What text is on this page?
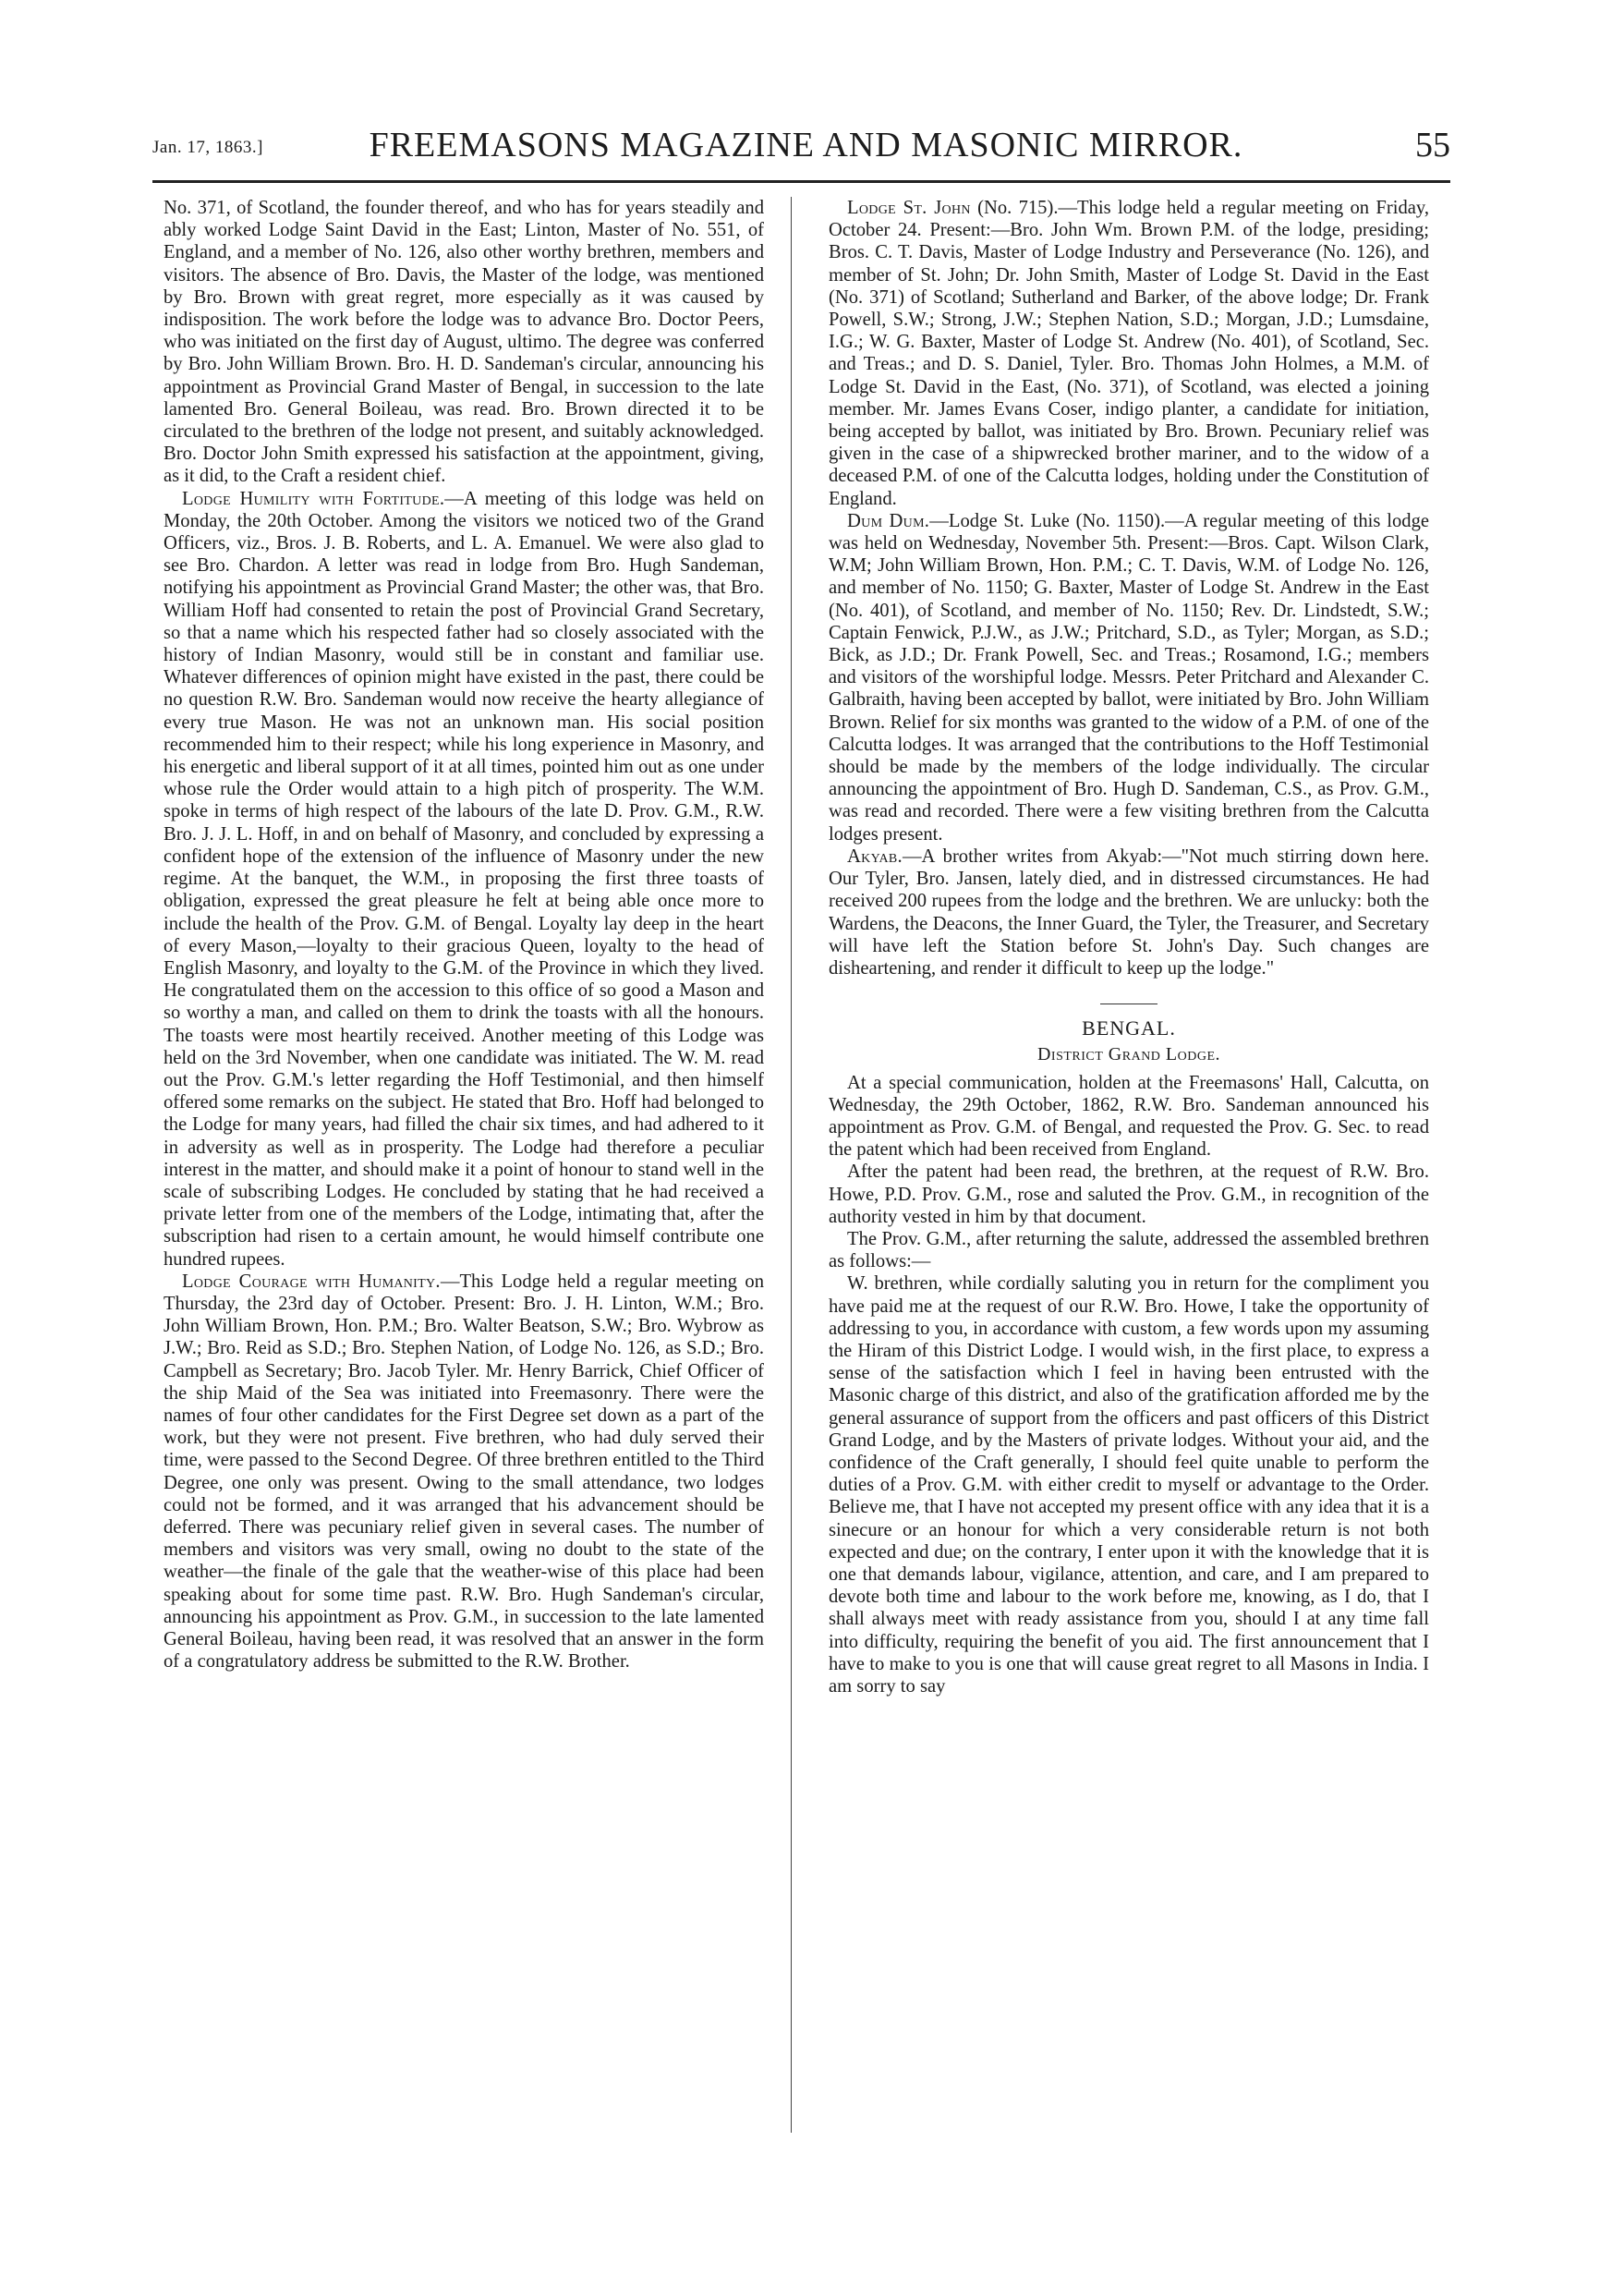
Jan. 17, 1863.]	FREEMASONS MAGAZINE AND MASONIC MIRROR.	55

No. 371, of Scotland, the founder thereof, and who has for years steadily and ably worked Lodge Saint David in the East; Linton, Master of No. 551, of England, and a member of No. 126, also other worthy brethren, members and visitors. The absence of Bro. Davis, the Master of the lodge, was mentioned by Bro. Brown with great regret, more especially as it was caused by indisposition. The work before the lodge was to advance Bro. Doctor Peers, who was initiated on the first day of August, ultimo. The degree was conferred by Bro. John William Brown. Bro. H. D. Sandeman's circular, announcing his appointment as Provincial Grand Master of Bengal, in succession to the late lamented Bro. General Boileau, was read. Bro. Brown directed it to be circulated to the brethren of the lodge not present, and suitably acknowledged. Bro. Doctor John Smith expressed his satisfaction at the appointment, giving, as it did, to the Craft a resident chief.

Lodge Humility with Fortitude.—A meeting of this lodge was held on Monday, the 20th October. Among the visitors we noticed two of the Grand Officers, viz., Bros. J. B. Roberts, and L. A. Emanuel. We were also glad to see Bro. Chardon. A letter was read in lodge from Bro. Hugh Sandeman, notifying his appointment as Provincial Grand Master; the other was, that Bro. William Hoff had consented to retain the post of Provincial Grand Secretary, so that a name which his respected father had so closely associated with the history of Indian Masonry, would still be in constant and familiar use. Whatever differences of opinion might have existed in the past, there could be no question R.W. Bro. Sandeman would now receive the hearty allegiance of every true Mason. He was not an unknown man. His social position recommended him to their respect; while his long experience in Masonry, and his energetic and liberal support of it at all times, pointed him out as one under whose rule the Order would attain to a high pitch of prosperity. The W.M. spoke in terms of high respect of the labours of the late D. Prov. G.M., R.W. Bro. J. J. L. Hoff, in and on behalf of Masonry, and concluded by expressing a confident hope of the extension of the influence of Masonry under the new regime. At the banquet, the W.M., in proposing the first three toasts of obligation, expressed the great pleasure he felt at being able once more to include the health of the Prov. G.M. of Bengal. Loyalty lay deep in the heart of every Mason,—loyalty to their gracious Queen, loyalty to the head of English Masonry, and loyalty to the G.M. of the Province in which they lived. He congratulated them on the accession to this office of so good a Mason and so worthy a man, and called on them to drink the toasts with all the honours. The toasts were most heartily received. Another meeting of this Lodge was held on the 3rd November, when one candidate was initiated. The W. M. read out the Prov. G.M.'s letter regarding the Hoff Testimonial, and then himself offered some remarks on the subject. He stated that Bro. Hoff had belonged to the Lodge for many years, had filled the chair six times, and had adhered to it in adversity as well as in prosperity. The Lodge had therefore a peculiar interest in the matter, and should make it a point of honour to stand well in the scale of subscribing Lodges. He concluded by stating that he had received a private letter from one of the members of the Lodge, intimating that, after the subscription had risen to a certain amount, he would himself contribute one hundred rupees.

Lodge Courage with Humanity.—This Lodge held a regular meeting on Thursday, the 23rd day of October. Present: Bro. J. H. Linton, W.M.; Bro. John William Brown, Hon. P.M.; Bro. Walter Beatson, S.W.; Bro. Wybrow as J.W.; Bro. Reid as S.D.; Bro. Stephen Nation, of Lodge No. 126, as S.D.; Bro. Campbell as Secretary; Bro. Jacob Tyler. Mr. Henry Barrick, Chief Officer of the ship Maid of the Sea was initiated into Freemasonry. There were the names of four other candidates for the First Degree set down as a part of the work, but they were not present. Five brethren, who had duly served their time, were passed to the Second Degree. Of three brethren entitled to the Third Degree, one only was present. Owing to the small attendance, two lodges could not be formed, and it was arranged that his advancement should be deferred. There was pecuniary relief given in several cases. The number of members and visitors was very small, owing no doubt to the state of the weather—the finale of the gale that the weather-wise of this place had been speaking about for some time past. R.W. Bro. Hugh Sandeman's circular, announcing his appointment as Prov. G.M., in succession to the late lamented General Boileau, having been read, it was resolved that an answer in the form of a congratulatory address be submitted to the R.W. Brother.

Lodge St. John (No. 715).—This lodge held a regular meeting on Friday, October 24. Present:—Bro. John Wm. Brown P.M. of the lodge, presiding; Bros. C. T. Davis, Master of Lodge Industry and Perseverance (No. 126), and member of St. John; Dr. John Smith, Master of Lodge St. David in the East (No. 371) of Scotland; Sutherland and Barker, of the above lodge; Dr. Frank Powell, S.W.; Strong, J.W.; Stephen Nation, S.D.; Morgan, J.D.; Lumsdaine, I.G.; W. G. Baxter, Master of Lodge St. Andrew (No. 401), of Scotland, Sec. and Treas.; and D. S. Daniel, Tyler. Bro. Thomas John Holmes, a M.M. of Lodge St. David in the East, (No. 371), of Scotland, was elected a joining member. Mr. James Evans Coser, indigo planter, a candidate for initiation, being accepted by ballot, was initiated by Bro. Brown. Pecuniary relief was given in the case of a shipwrecked brother mariner, and to the widow of a deceased P.M. of one of the Calcutta lodges, holding under the Constitution of England.

Dum Dum.—Lodge St. Luke (No. 1150).—A regular meeting of this lodge was held on Wednesday, November 5th. Present:—Bros. Capt. Wilson Clark, W.M; John William Brown, Hon. P.M.; C. T. Davis, W.M. of Lodge No. 126, and member of No. 1150; G. Baxter, Master of Lodge St. Andrew in the East (No. 401), of Scotland, and member of No. 1150; Rev. Dr. Lindstedt, S.W.; Captain Fenwick, P.J.W., as J.W.; Pritchard, S.D., as Tyler; Morgan, as S.D.; Bick, as J.D.; Dr. Frank Powell, Sec. and Treas.; Rosamond, I.G.; members and visitors of the worshipful lodge. Messrs. Peter Pritchard and Alexander C. Galbraith, having been accepted by ballot, were initiated by Bro. John William Brown. Relief for six months was granted to the widow of a P.M. of one of the Calcutta lodges. It was arranged that the contributions to the Hoff Testimonial should be made by the members of the lodge individually. The circular announcing the appointment of Bro. Hugh D. Sandeman, C.S., as Prov. G.M., was read and recorded. There were a few visiting brethren from the Calcutta lodges present.

Akyab.—A brother writes from Akyab:—"Not much stirring down here. Our Tyler, Bro. Jansen, lately died, and in distressed circumstances. He had received 200 rupees from the lodge and the brethren. We are unlucky: both the Wardens, the Deacons, the Inner Guard, the Tyler, the Treasurer, and Secretary will have left the Station before St. John's Day. Such changes are disheartening, and render it difficult to keep up the lodge."

BENGAL.
District Grand Lodge.

At a special communication, holden at the Freemasons' Hall, Calcutta, on Wednesday, the 29th October, 1862, R.W. Bro. Sandeman announced his appointment as Prov. G.M. of Bengal, and requested the Prov. G. Sec. to read the patent which had been received from England.

After the patent had been read, the brethren, at the request of R.W. Bro. Howe, P.D. Prov. G.M., rose and saluted the Prov. G.M., in recognition of the authority vested in him by that document.

The Prov. G.M., after returning the salute, addressed the assembled brethren as follows:—

W. brethren, while cordially saluting you in return for the compliment you have paid me at the request of our R.W. Bro. Howe, I take the opportunity of addressing to you, in accordance with custom, a few words upon my assuming the Hiram of this District Lodge. I would wish, in the first place, to express a sense of the satisfaction which I feel in having been entrusted with the Masonic charge of this district, and also of the gratification afforded me by the general assurance of support from the officers and past officers of this District Grand Lodge, and by the Masters of private lodges. Without your aid, and the confidence of the Craft generally, I should feel quite unable to perform the duties of a Prov. G.M. with either credit to myself or advantage to the Order. Believe me, that I have not accepted my present office with any idea that it is a sinecure or an honour for which a very considerable return is not both expected and due; on the contrary, I enter upon it with the knowledge that it is one that demands labour, vigilance, attention, and care, and I am prepared to devote both time and labour to the work before me, knowing, as I do, that I shall always meet with ready assistance from you, should I at any time fall into difficulty, requiring the benefit of you aid. The first announcement that I have to make to you is one that will cause great regret to all Masons in India. I am sorry to say
